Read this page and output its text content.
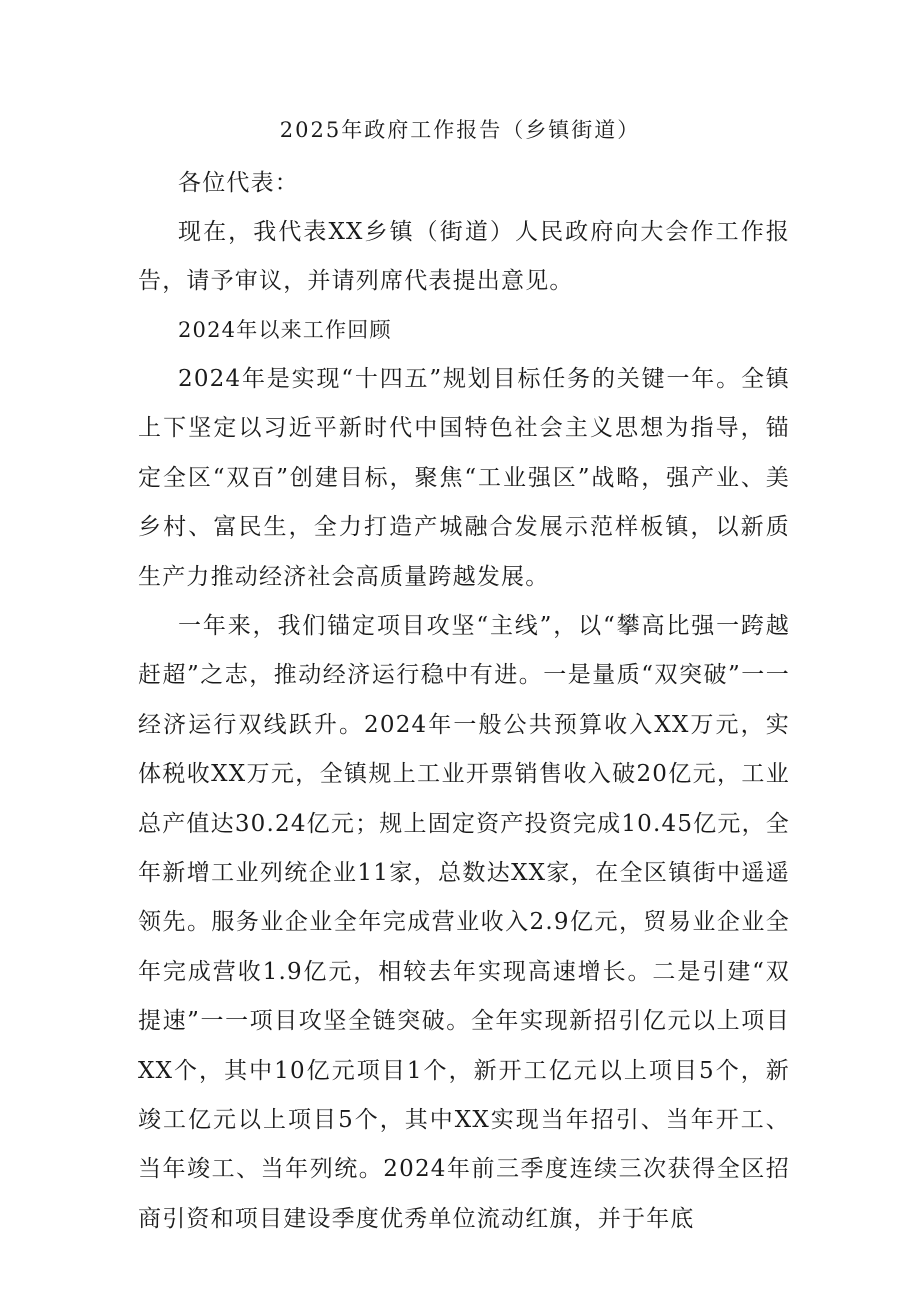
2025年政府工作报告（乡镇街道）

各位代表：

现在，我代表XX乡镇（街道）人民政府向大会作工作报告，请予审议，并请列席代表提出意见。

2024年以来工作回顾

2024年是实现“十四五”规划目标任务的关键一年。全镇上下坚定以习近平新时代中国特色社会主义思想为指导，锚定全区“双百”创建目标，聚焦“工业强区”战略，强产业、美乡村、富民生，全力打造产城融合发展示范样板镇，以新质生产力推动经济社会高质量跨越发展。

一年来，我们锚定项目攻坚“主线”，以“攀高比强一跨越赶超”之志，推动经济运行稳中有进。一是量质“双突破”一一经济运行双线跃升。2024年一般公共预算收入XX万元，实体税收XX万元，全镇规上工业开票销售收入破20亿元，工业总产值达30.24亿元；规上固定资产投资完成10.45亿元，全年新增工业列统企业11家，总数达XX家，在全区镇街中遥遥领先。服务业企业全年完成营业收入2.9亿元，贸易业企业全年完成营收1.9亿元，相较去年实现高速增长。二是引建“双提速”一一项目攻坚全链突破。全年实现新招引亿元以上项目XX个，其中10亿元项目1个，新开工亿元以上项目5个，新竣工亿元以上项目5个，其中XX实现当年招引、当年开工、当年竣工、当年列统。2024年前三季度连续三次获得全区招商引资和项目建设季度优秀单位流动红旗，并于年底
